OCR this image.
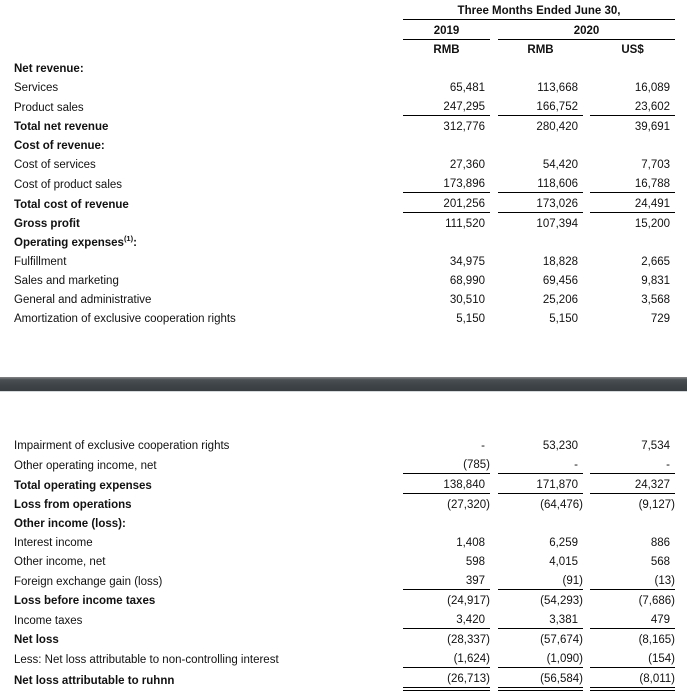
	Three Months Ended June 30,					
	2019		2020			
	RMB		RMB		US$	
Net revenue:						
Services	65,481		113,668		16,089	
Product sales	247,295		166,752		23,602	
Total net revenue	312,776		280,420		39,691	
Cost of revenue:						
Cost of services	27,360		54,420		7,703	
Cost of product sales	173,896		118,606		16,788	
Total cost of revenue	201,256		173,026		24,491	
Gross profit	111,520		107,394		15,200	
Operating expenses$^{(1)}$:						
Fulfillment	34,975		18,828		2,665	
Sales and marketing	68,990		69,456		9,831	
General and administrative	30,510		25,206		3,568	
Amortization of exclusive cooperation rights	5,150		5,150		729	
Impairment of exclusive cooperation rights	-		53,230		7,534	
Other operating income, net	(785)		-		-	
Total operating expenses	138,840		171,870		24,327	
Loss from operations	(27,320)		(64,476)		(9,127)	
Other income (loss):						
Interest income	1,408		6,259		886	
Other income, net	598		4,015		568	
Foreign exchange gain (loss)	397		(91)		(13)	
Loss before income taxes	(24,917)		(54,293)		(7,686)	
Income taxes	3,420		3,381		479	
Net loss	(28,337)		(57,674)		(8,165)	
Less: Net loss attributable to non-controlling interest	(1,624)		(1,090)		(154)	
Net loss attributable to ruhnn	(26,713)		(56,584)		(8,011)	
